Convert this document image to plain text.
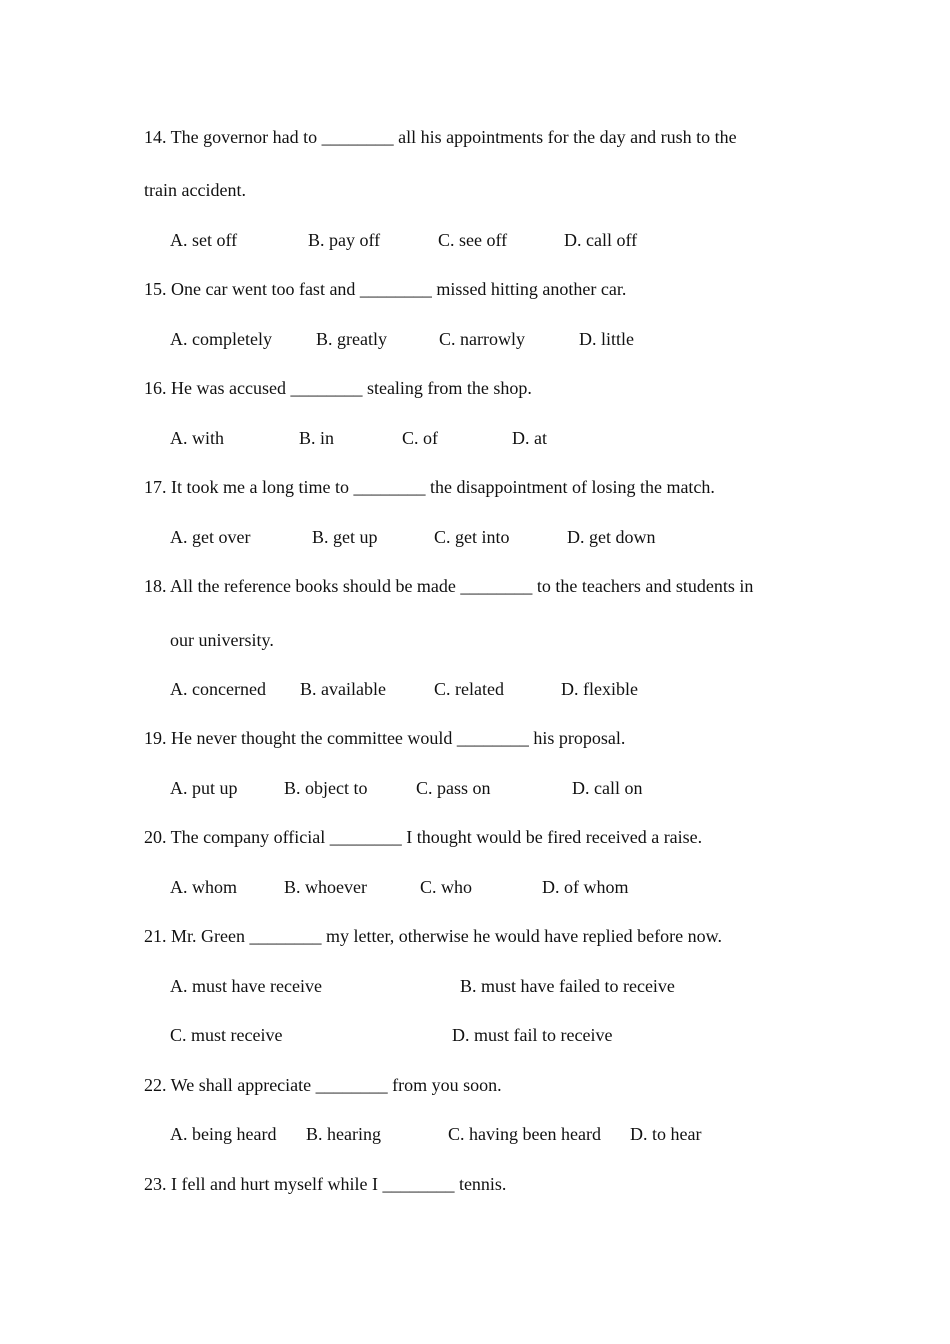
14. The governor had to ________ all his appointments for the day and rush to the
train accident.
A. set off	B. pay off	C. see off	D. call off
15. One car went too fast and ________ missed hitting another car.
A. completely B. greatly	C. narrowly	D. little
16. He was accused ________ stealing from the shop.
A. with	B. in	C. of	D. at
17. It took me a long time to ________ the disappointment of losing the match.
A. get over	B. get up	C. get into	D. get down
18. All the reference books should be made ________ to the teachers and students in
our university.
A. concerned B. available	C. related	D. flexible
19. He never thought the committee would ________ his proposal.
A. put up	B. object to	C. pass on	D. call on
20. The company official ________ I thought would be fired received a raise.
A. whom	B. whoever	C. who	D. of whom
21. Mr. Green ________ my letter, otherwise he would have replied before now.
A. must have receive	B. must have failed to receive
C. must receive	D. must fail to receive
22. We shall appreciate ________ from you soon.
A. being heard B. hearing	C. having been heard D. to hear
23. I fell and hurt myself while I ________ tennis.
